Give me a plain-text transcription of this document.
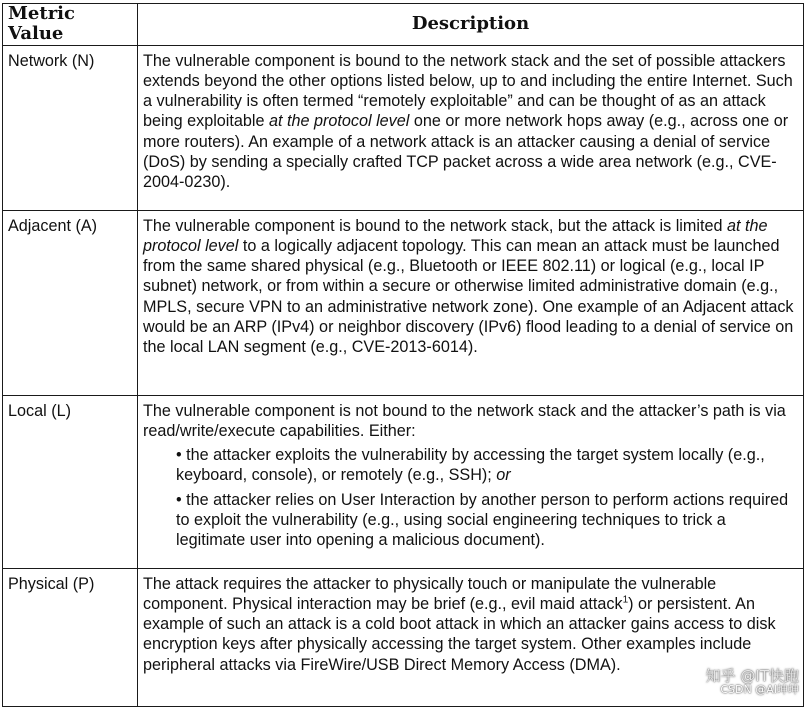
Metric Value	Description
Network (N)	The vulnerable component is bound to the network stack and the set of possible attackers extends beyond the other options listed below, up to and including the entire Internet. Such a vulnerability is often termed “remotely exploitable” and can be thought of as an attack being exploitable at the protocol level one or more network hops away (e.g., across one or more routers). An example of a network attack is an attacker causing a denial of service (DoS) by sending a specially crafted TCP packet across a wide area network (e.g., CVE-2004-0230).
Adjacent (A)	The vulnerable component is bound to the network stack, but the attack is limited at the protocol level to a logically adjacent topology. This can mean an attack must be launched from the same shared physical (e.g., Bluetooth or IEEE 802.11) or logical (e.g., local IP subnet) network, or from within a secure or otherwise limited administrative domain (e.g., MPLS, secure VPN to an administrative network zone). One example of an Adjacent attack would be an ARP (IPv4) or neighbor discovery (IPv6) flood leading to a denial of service on the local LAN segment (e.g., CVE-2013-6014).
Local (L)	The vulnerable component is not bound to the network stack and the attacker’s path is via read/write/execute capabilities. Either:
• the attacker exploits the vulnerability by accessing the target system locally (e.g., keyboard, console), or remotely (e.g., SSH); or
• the attacker relies on User Interaction by another person to perform actions required to exploit the vulnerability (e.g., using social engineering techniques to trick a legitimate user into opening a malicious document).

Physical (P)	The attack requires the attacker to physically touch or manipulate the vulnerable component. Physical interaction may be brief (e.g., evil maid attack$^1$) or persistent. An example of such an attack is a cold boot attack in which an attacker gains access to disk encryption keys after physically accessing the target system. Other examples include peripheral attacks via FireWire/USB Direct Memory Access (DMA).
知乎 @IT快跑
CSDN @AI坤坤
